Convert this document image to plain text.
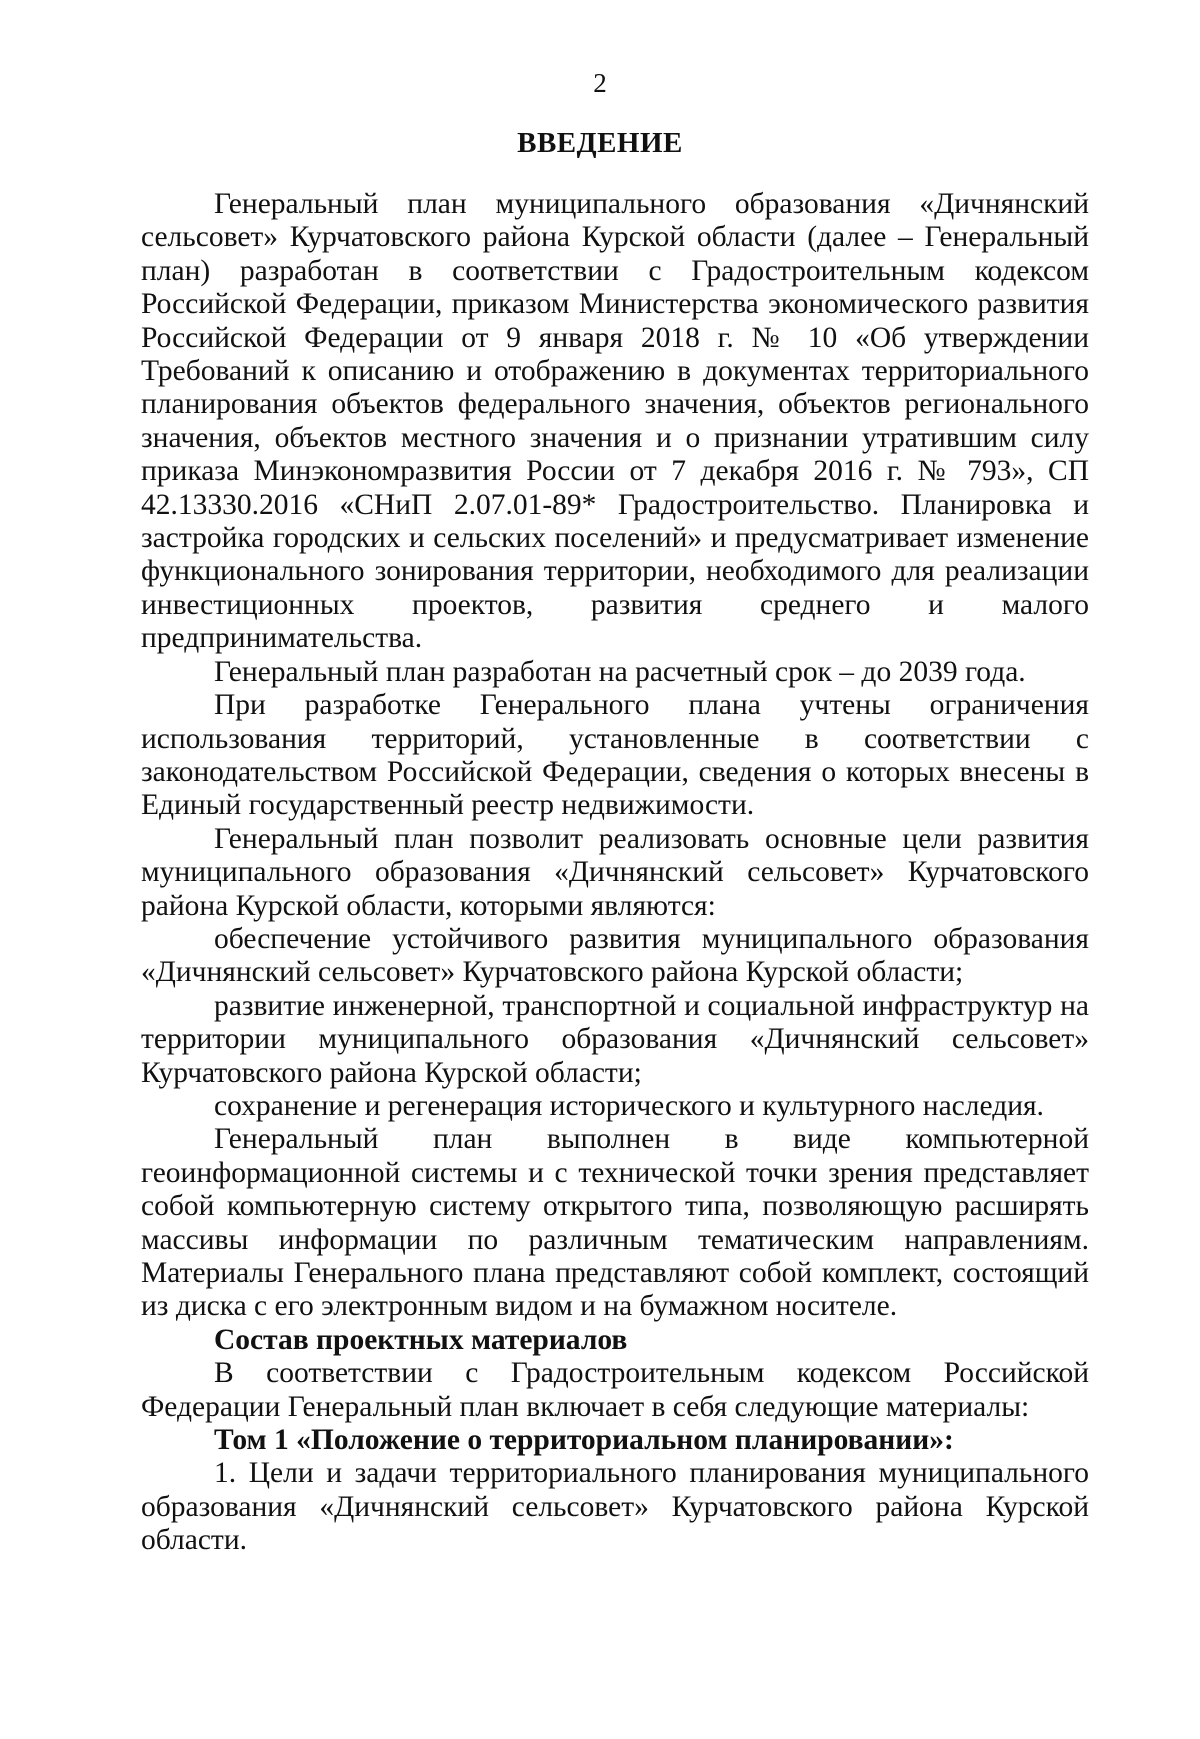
2
ВВЕДЕНИЕ

Генеральный план муниципального образования «Дичнянский сельсовет» Курчатовского района Курской области (далее – Генеральный план) разработан в соответствии с Градостроительным кодексом Российской Федерации, приказом Министерства экономического развития Российской Федерации от 9 января 2018 г. № 10 «Об утверждении Требований к описанию и отображению в документах территориального планирования объектов федерального значения, объектов регионального значения, объектов местного значения и о признании утратившим силу приказа Минэкономразвития России от 7 декабря 2016 г. № 793», СП 42.13330.2016 «СНиП 2.07.01-89* Градостроительство. Планировка и застройка городских и сельских поселений» и предусматривает изменение функционального зонирования территории, необходимого для реализации инвестиционных проектов, развития среднего и малого предпринимательства.

Генеральный план разработан на расчетный срок – до 2039 года.

При разработке Генерального плана учтены ограничения использования территорий, установленные в соответствии с законодательством Российской Федерации, сведения о которых внесены в Единый государственный реестр недвижимости.

Генеральный план позволит реализовать основные цели развития муниципального образования «Дичнянский сельсовет» Курчатовского района Курской области, которыми являются:

обеспечение устойчивого развития муниципального образования «Дичнянский сельсовет» Курчатовского района Курской области;

развитие инженерной, транспортной и социальной инфраструктур на территории муниципального образования «Дичнянский сельсовет» Курчатовского района Курской области;

сохранение и регенерация исторического и культурного наследия.

Генеральный план выполнен в виде компьютерной геоинформационной системы и с технической точки зрения представляет собой компьютерную систему открытого типа, позволяющую расширять массивы информации по различным тематическим направлениям. Материалы Генерального плана представляют собой комплект, состоящий из диска с его электронным видом и на бумажном носителе.

Состав проектных материалов

В соответствии с Градостроительным кодексом Российской Федерации Генеральный план включает в себя следующие материалы:

Том 1 «Положение о территориальном планировании»:

1. Цели и задачи территориального планирования муниципального образования «Дичнянский сельсовет» Курчатовского района Курской области.
